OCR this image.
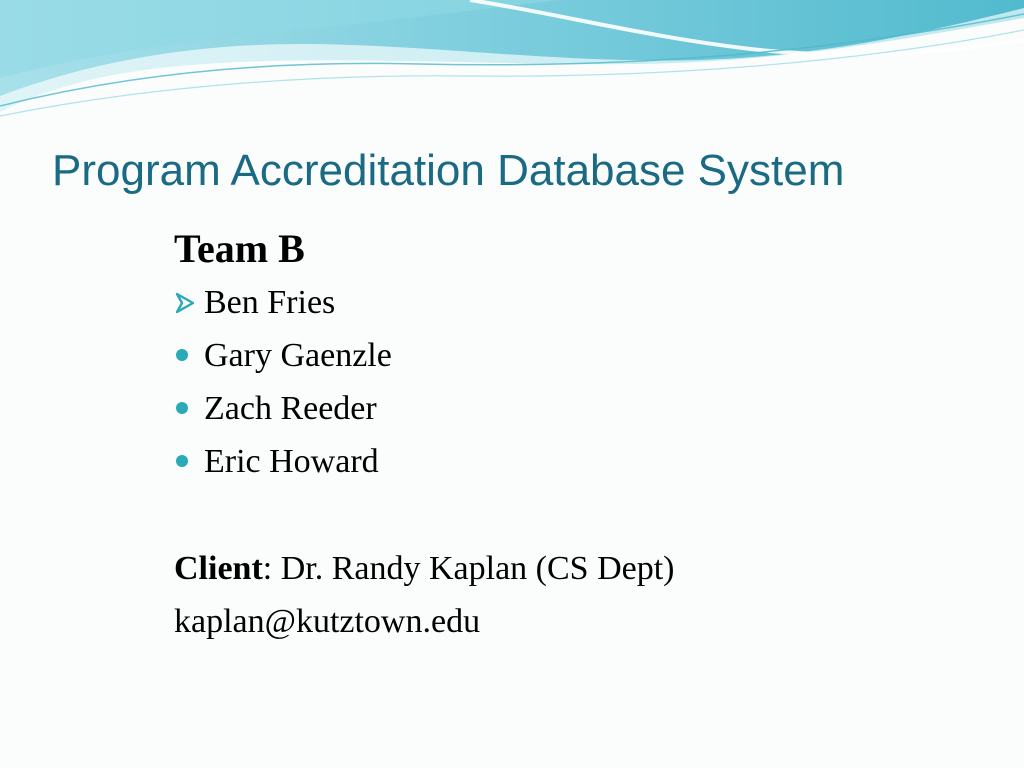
Program Accreditation Database System

Team B

Ben Fries
Gary Gaenzle
Zach Reeder
Eric Howard

Client: Dr. Randy Kaplan (CS Dept)

kaplan@kutztown.edu
